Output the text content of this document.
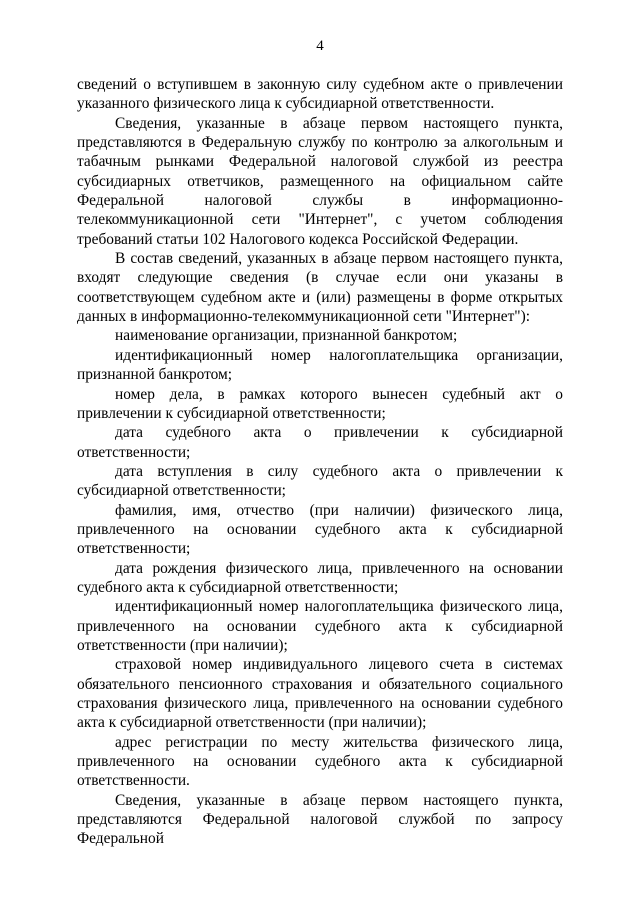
4

сведений о вступившем в законную силу судебном акте о привлечении указанного физического лица к субсидиарной ответственности.

Сведения, указанные в абзаце первом настоящего пункта, представляются в Федеральную службу по контролю за алкогольным и табачным рынками Федеральной налоговой службой из реестра субсидиарных ответчиков, размещенного на официальном сайте Федеральной налоговой службы в информационно-телекоммуникационной сети "Интернет", с учетом соблюдения требований статьи 102 Налогового кодекса Российской Федерации.

В состав сведений, указанных в абзаце первом настоящего пункта, входят следующие сведения (в случае если они указаны в соответствующем судебном акте и (или) размещены в форме открытых данных в информационно-телекоммуникационной сети "Интернет"):

наименование организации, признанной банкротом;

идентификационный номер налогоплательщика организации, признанной банкротом;

номер дела, в рамках которого вынесен судебный акт о привлечении к субсидиарной ответственности;

дата судебного акта о привлечении к субсидиарной ответственности;

дата вступления в силу судебного акта о привлечении к субсидиарной ответственности;

фамилия, имя, отчество (при наличии) физического лица, привлеченного на основании судебного акта к субсидиарной ответственности;

дата рождения физического лица, привлеченного на основании судебного акта к субсидиарной ответственности;

идентификационный номер налогоплательщика физического лица, привлеченного на основании судебного акта к субсидиарной ответственности (при наличии);

страховой номер индивидуального лицевого счета в системах обязательного пенсионного страхования и обязательного социального страхования физического лица, привлеченного на основании судебного акта к субсидиарной ответственности (при наличии);

адрес регистрации по месту жительства физического лица, привлеченного на основании судебного акта к субсидиарной ответственности.

Сведения, указанные в абзаце первом настоящего пункта, представляются Федеральной налоговой службой по запросу Федеральной
